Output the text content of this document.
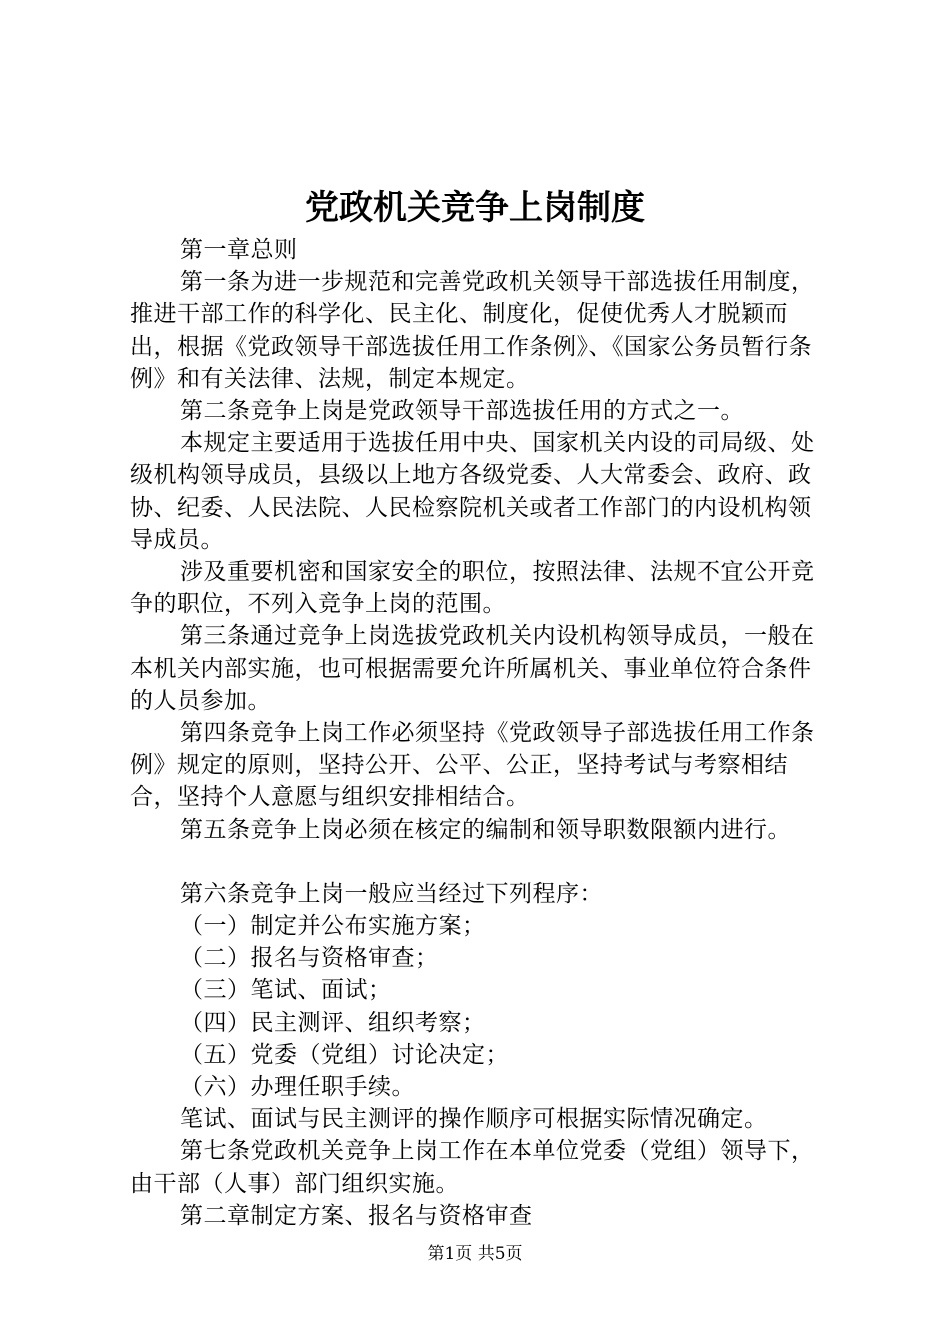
党政机关竞争上岗制度

第一章总则

第一条为进一步规范和完善党政机关领导干部选拔任用制度，推进干部工作的科学化、民主化、制度化，促使优秀人才脱颖而出，根据《党政领导干部选拔任用工作条例》、《国家公务员暂行条例》和有关法律、法规，制定本规定。

第二条竞争上岗是党政领导干部选拔任用的方式之一。

本规定主要适用于选拔任用中央、国家机关内设的司局级、处级机构领导成员，县级以上地方各级党委、人大常委会、政府、政协、纪委、人民法院、人民检察院机关或者工作部门的内设机构领导成员。

涉及重要机密和国家安全的职位，按照法律、法规不宜公开竞争的职位，不列入竞争上岗的范围。

第三条通过竞争上岗选拔党政机关内设机构领导成员，一般在本机关内部实施，也可根据需要允许所属机关、事业单位符合条件的人员参加。

第四条竞争上岗工作必须坚持《党政领导子部选拔任用工作条例》规定的原则，坚持公开、公平、公正，坚持考试与考察相结合，坚持个人意愿与组织安排相结合。

第五条竞争上岗必须在核定的编制和领导职数限额内进行。

第六条竞争上岗一般应当经过下列程序：

（一）制定并公布实施方案；

（二）报名与资格审查；

（三）笔试、面试；

（四）民主测评、组织考察；

（五）党委（党组）讨论决定；

（六）办理任职手续。

笔试、面试与民主测评的操作顺序可根据实际情况确定。

第七条党政机关竞争上岗工作在本单位党委（党组）领导下，由干部（人事）部门组织实施。

第二章制定方案、报名与资格审查

第1页 共5页
